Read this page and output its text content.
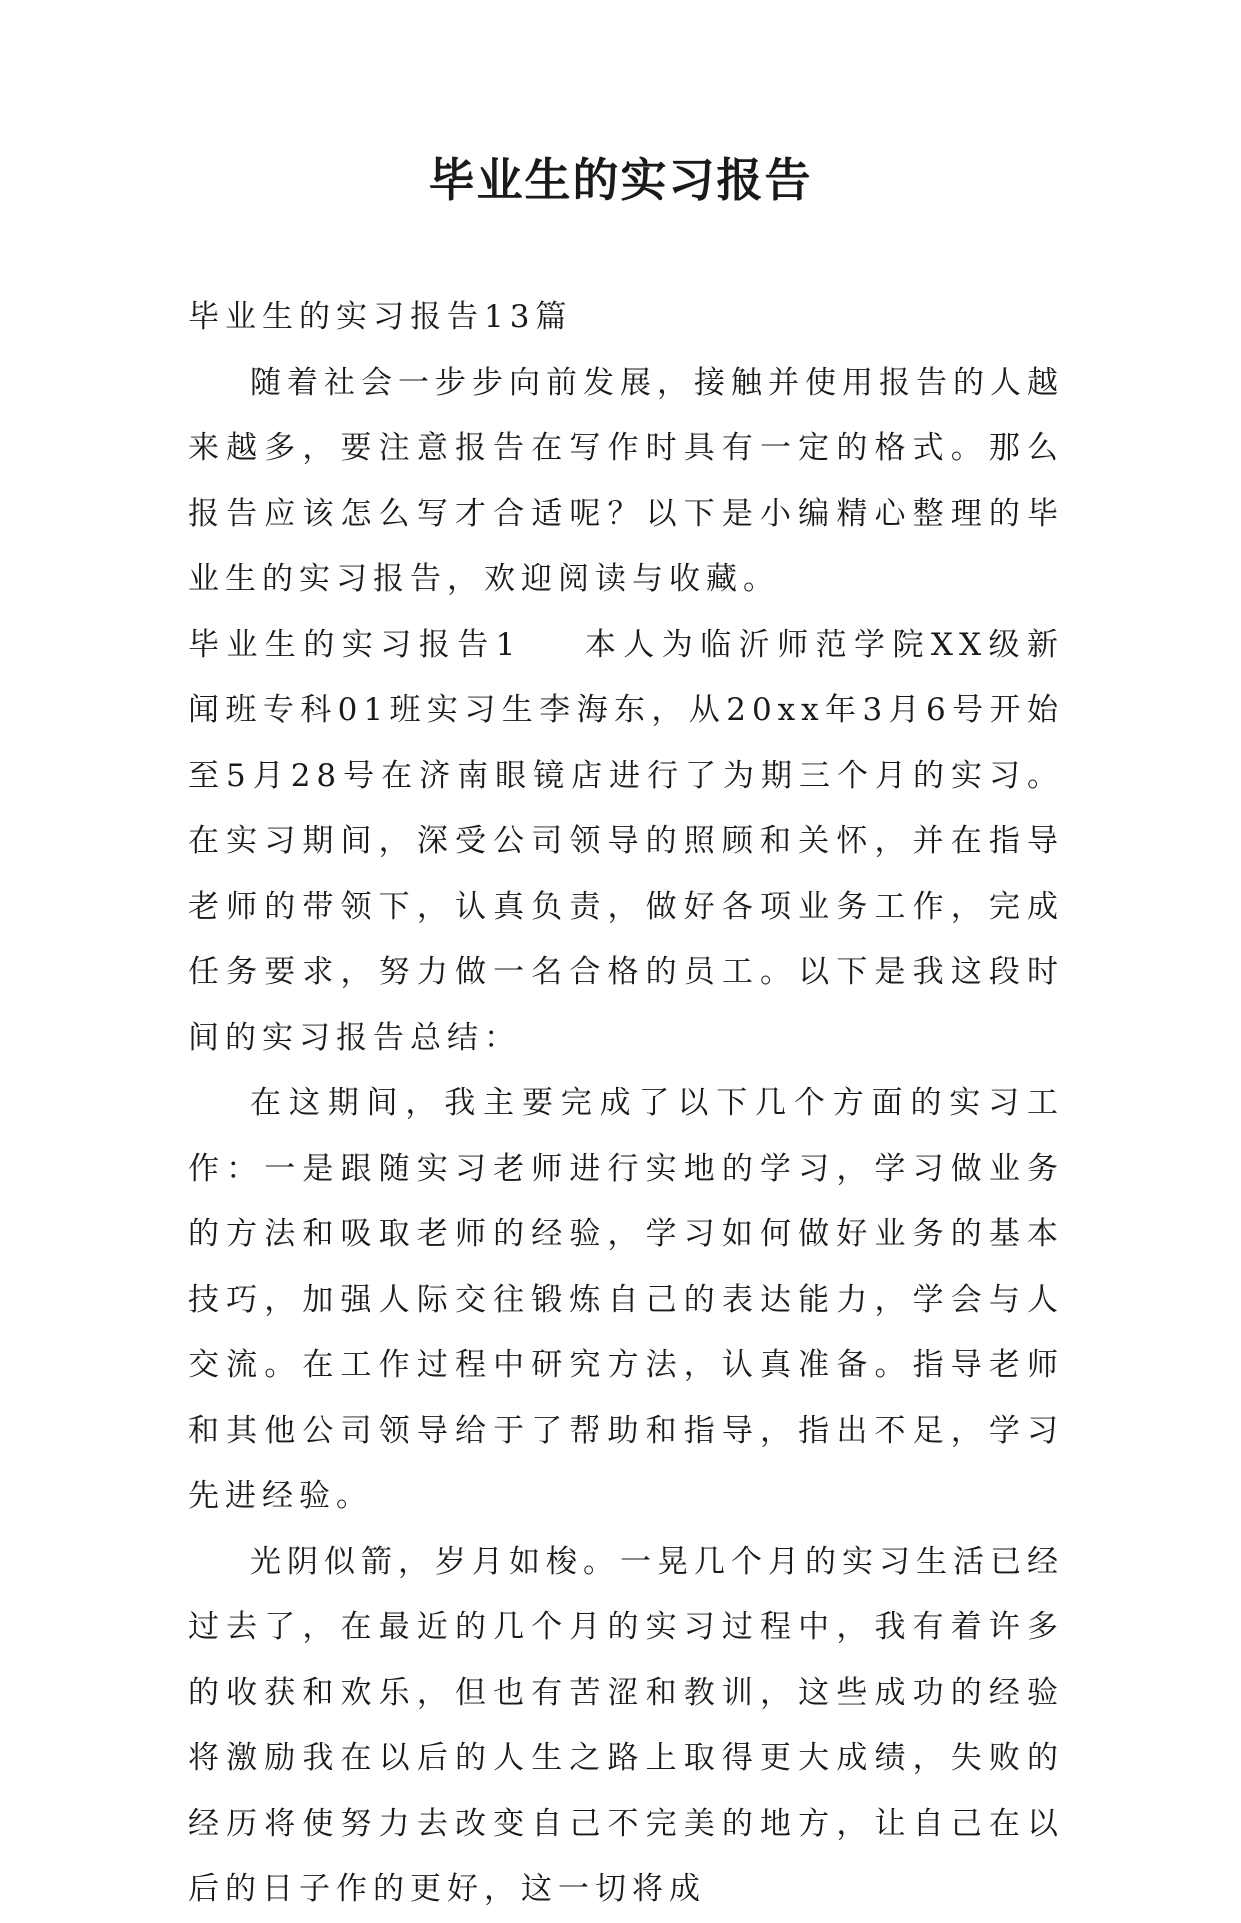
毕业生的实习报告

毕业生的实习报告13篇

随着社会一步步向前发展，接触并使用报告的人越来越多，要注意报告在写作时具有一定的格式。那么报告应该怎么写才合适呢？以下是小编精心整理的毕业生的实习报告，欢迎阅读与收藏。

毕业生的实习报告1 本人为临沂师范学院XX级新闻班专科01班实习生李海东，从20xx年3月6号开始至5月28号在济南眼镜店进行了为期三个月的实习。在实习期间，深受公司领导的照顾和关怀，并在指导老师的带领下，认真负责，做好各项业务工作，完成任务要求，努力做一名合格的员工。以下是我这段时间的实习报告总结：

在这期间，我主要完成了以下几个方面的实习工作：一是跟随实习老师进行实地的学习，学习做业务的方法和吸取老师的经验，学习如何做好业务的基本技巧，加强人际交往锻炼自己的表达能力，学会与人交流。在工作过程中研究方法，认真准备。指导老师和其他公司领导给于了帮助和指导，指出不足，学习先进经验。

光阴似箭，岁月如梭。一晃几个月的实习生活已经过去了，在最近的几个月的实习过程中，我有着许多的收获和欢乐，但也有苦涩和教训，这些成功的经验将激励我在以后的人生之路上取得更大成绩，失败的经历将使努力去改变自己不完美的地方，让自己在以后的日子作的更好，这一切将成
